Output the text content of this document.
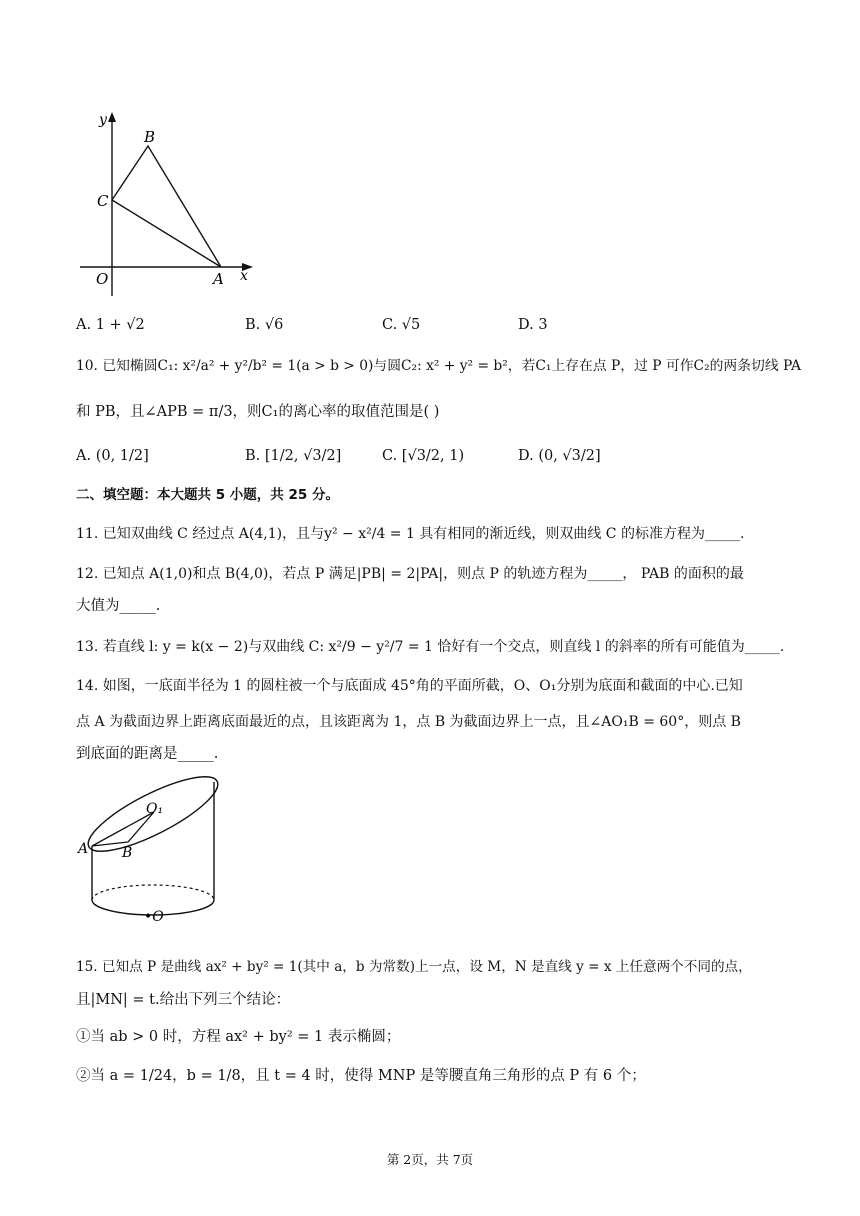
y
B
C
O	A x
A. 1 + √2	B. √6	C. √5	D. 3
10. 已知椭圆C₁: x²/a² + y²/b² = 1(a > b > 0)与圆C₂: x² + y² = b²，若C₁上存在点 P，过 P 可作C₂的两条切线 PA
和 PB，且∠APB = π/3，则C₁的离心率的取值范围是( )
A. (0, 1/2]	B. [1/2, √3/2]	C. [√3/2, 1)	D. (0, √3/2]
二、填空题：本大题共 5 小题，共 25 分。
11. 已知双曲线 C 经过点 A(4,1)，且与y² − x²/4 = 1 具有相同的渐近线，则双曲线 C 的标准方程为_____.
12. 已知点 A(1,0)和点 B(4,0)，若点 P 满足|PB| = 2|PA|，则点 P 的轨迹方程为_____， PAB 的面积的最
大值为_____.
13. 若直线 l: y = k(x − 2)与双曲线 C: x²/9 − y²/7 = 1 恰好有一个交点，则直线 l 的斜率的所有可能值为_____.
14. 如图，一底面半径为 1 的圆柱被一个与底面成 45°角的平面所截，O、O₁分别为底面和截面的中心.已知
点 A 为截面边界上距离底面最近的点，且该距离为 1，点 B 为截面边界上一点，且∠AO₁B = 60°，则点 B
到底面的距离是_____.
O₁
A B
•O
15. 已知点 P 是曲线 ax² + by² = 1(其中 a，b 为常数)上一点，设 M，N 是直线 y = x 上任意两个不同的点，
且|MN| = t.给出下列三个结论：
①当 ab > 0 时，方程 ax² + by² = 1 表示椭圆；
②当 a = 1/24，b = 1/8，且 t = 4 时，使得 MNP 是等腰直角三角形的点 P 有 6 个；
第 2页，共 7页
